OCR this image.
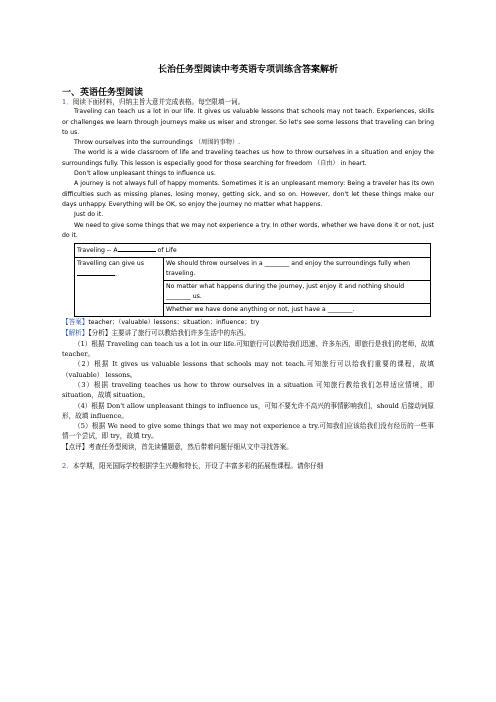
长治任务型阅读中考英语专项训练含答案解析
一、英语任务型阅读

1．阅读下面材料，归纳主旨大意并完成表格。每空限填一词。

Traveling can teach us a lot in our life. It gives us valuable lessons that schools may not teach. Experiences, skills or challenges we learn through journeys make us wiser and stronger. So let's see some lessons that traveling can bring to us.

Throw ourselves into the surroundings （周围的事物）.

The world is a wide classroom of life and traveling teaches us how to throw ourselves in a situation and enjoy the surroundings fully. This lesson is especially good for those searching for freedom （自由） in heart.

Don't allow unpleasant things to influence us.

A journey is not always full of happy moments. Sometimes it is an unpleasant memory: Being a traveler has its own difficulties such as missing planes, losing money, getting sick, and so on. However, don't let these things make our days unhappy. Everything will be OK, so enjoy the journey no matter what happens.

Just do it.

We need to give some things that we may not experience a try. In other words, whether we have done it or not, just do it.

Traveling -- A	of Life
Travelling can give us
.	We should throw ourselves in a ________ and enjoy the surroundings fully when traveling.
No matter what happens during the journey, just enjoy it and nothing should ________ us.
Whether we have done anything or not, just have a ________.

【答案】teacher；（valuable）lessons；situation；influence；try

【解析】【分析】主要讲了旅行可以教给我们许多生活中的东西。

（1）根据 Traveling can teach us a lot in our life.可知旅行可以教给我们迅速、许多东西，即旅行是我们的老师，故填 teacher。

（2）根据 It gives us valuable lessons that schools may not teach.可知旅行可以给我们重要的课程，故填（valuable） lessons。

（3）根据 traveling teaches us how to throw ourselves in a situation 可知旅行教给我们怎样适应情境，即 situation，故填 situation。

（4）根据 Don't allow unpleasant things to influence us，可知不要允许不高兴的事情影响我们，should 后接动词原形，故填 influence。

（5）根据 We need to give some things that we may not experience a try.可知我们应该给我们没有经历的一些事情一个尝试，即 try，故填 try。

【点评】考查任务型阅读，首先读懂题意，然后带着问题仔细从文中寻找答案。

2．本学期，阳光国际学校根据学生兴趣和特长，开设了丰富多彩的拓展性课程。请你仔细
